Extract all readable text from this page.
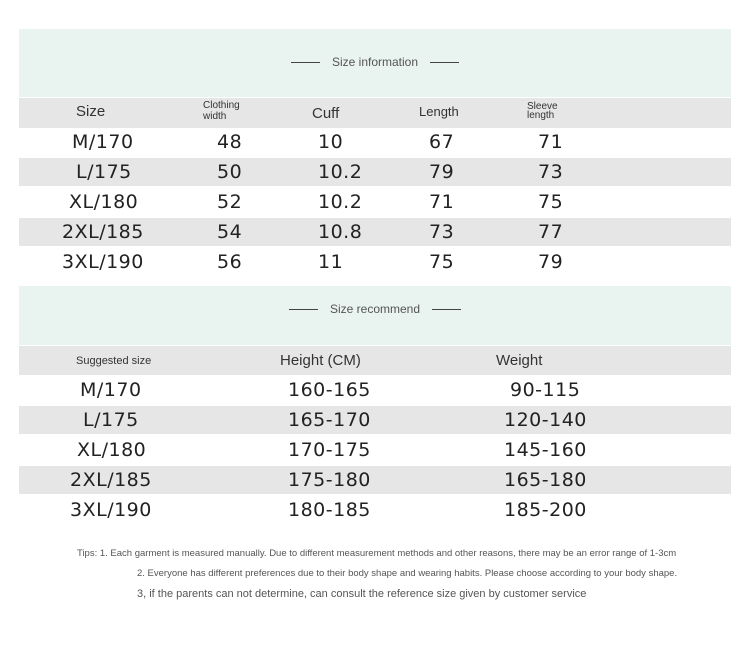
Size information
Size	Clothing width	Cuff	Length	Sleeve length
M/170	48	10	67	71
L/175	50	10.2	79	73
XL/180	52	10.2	71	75
2XL/185	54	10.8	73	77
3XL/190	56	11	75	79
Size recommend
Suggested size	Height (CM)	Weight
M/170	160-165	90-115
L/175	165-170	120-140
XL/180	170-175	145-160
2XL/185	175-180	165-180
3XL/190	180-185	185-200
Tips: 1. Each garment is measured manually. Due to different measurement methods and other reasons, there may be an error range of 1-3cm
2. Everyone has different preferences due to their body shape and wearing habits. Please choose according to your body shape.
3, if the parents can not determine, can consult the reference size given by customer service
